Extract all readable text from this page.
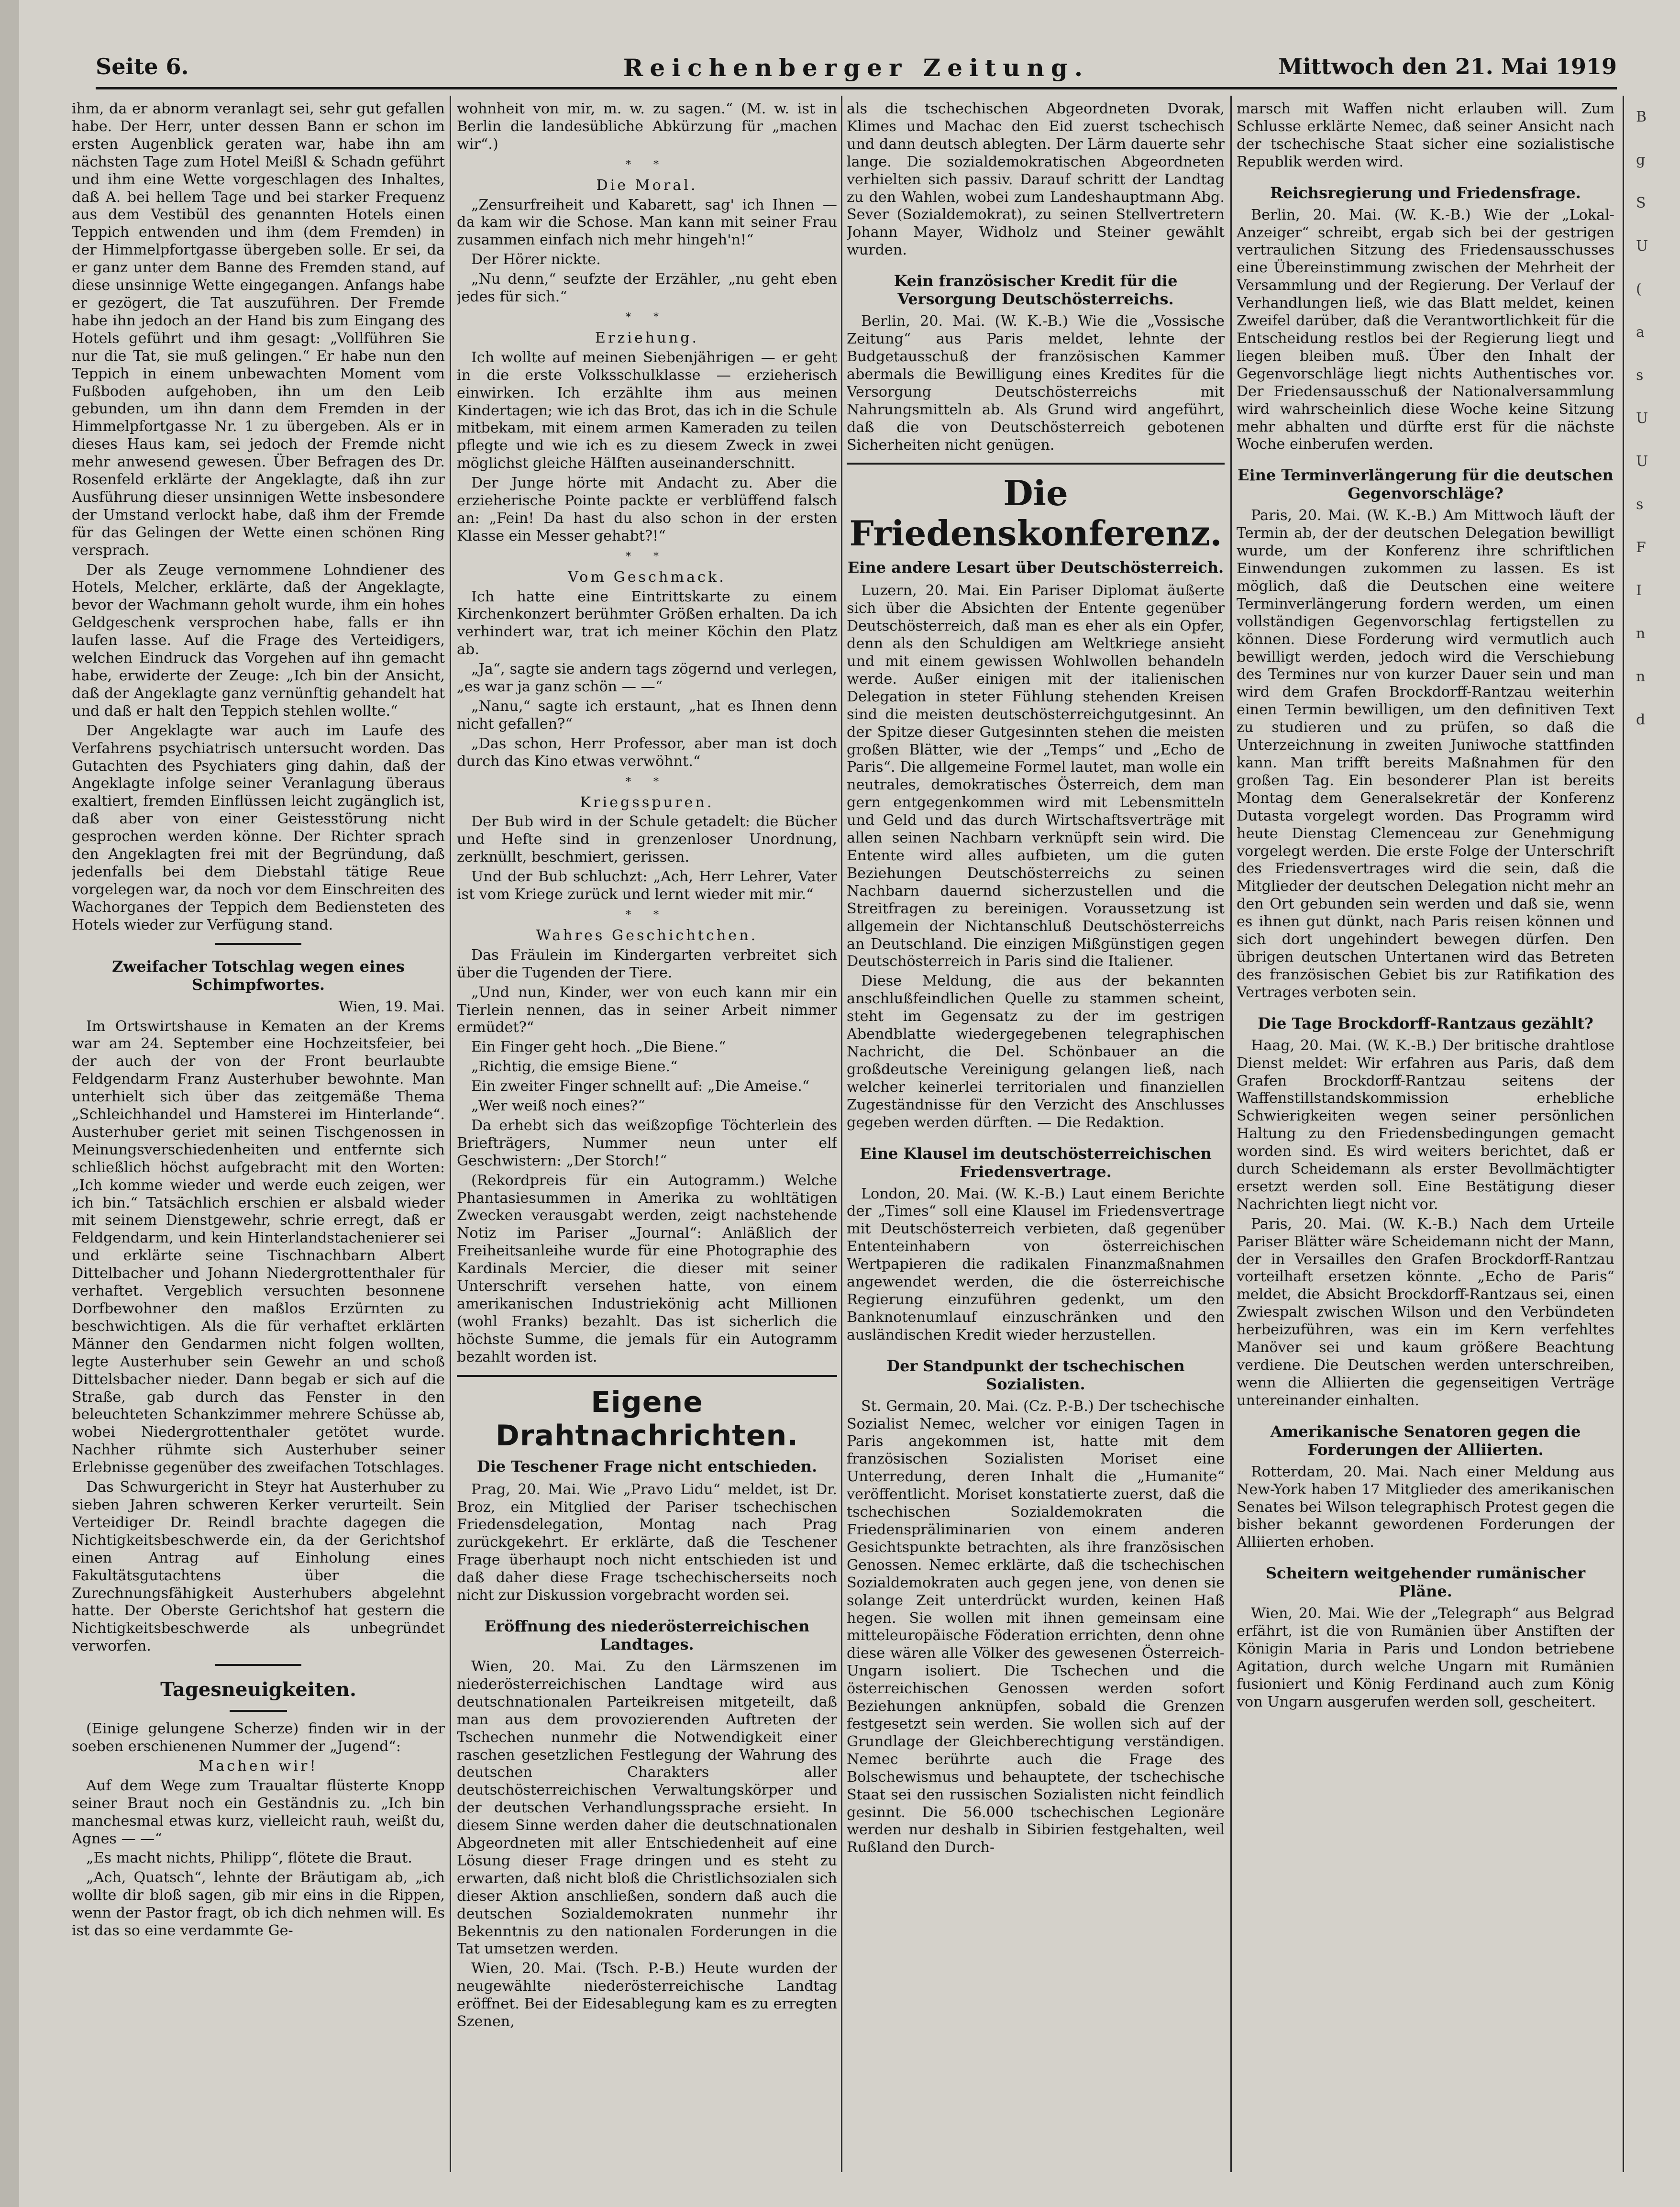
Seite 6.	Reichenberger Zeitung.	Mittwoch den 21. Mai 1919

ihm, da er abnorm veranlagt sei, sehr gut gefallen habe. Der Herr, unter dessen Bann er schon im ersten Augenblick geraten war, habe ihn am nächsten Tage zum Hotel Meißl & Schadn geführt und ihm eine Wette vorgeschlagen des Inhaltes, daß A. bei hellem Tage und bei starker Frequenz aus dem Vestibül des genannten Hotels einen Teppich entwenden und ihm (dem Fremden) in der Himmelpfortgasse übergeben solle. Er sei, da er ganz unter dem Banne des Fremden stand, auf diese unsinnige Wette eingegangen. Anfangs habe er gezögert, die Tat auszuführen. Der Fremde habe ihn jedoch an der Hand bis zum Eingang des Hotels geführt und ihm gesagt: „Vollführen Sie nur die Tat, sie muß gelingen.“ Er habe nun den Teppich in einem unbewachten Moment vom Fußboden aufgehoben, ihn um den Leib gebunden, um ihn dann dem Fremden in der Himmelpfortgasse Nr. 1 zu übergeben. Als er in dieses Haus kam, sei jedoch der Fremde nicht mehr anwesend gewesen. Über Befragen des Dr. Rosenfeld erklärte der Angeklagte, daß ihn zur Ausführung dieser unsinnigen Wette insbesondere der Umstand verlockt habe, daß ihm der Fremde für das Gelingen der Wette einen schönen Ring versprach.

Der als Zeuge vernommene Lohndiener des Hotels, Melcher, erklärte, daß der Angeklagte, bevor der Wachmann geholt wurde, ihm ein hohes Geldgeschenk versprochen habe, falls er ihn laufen lasse. Auf die Frage des Verteidigers, welchen Eindruck das Vorgehen auf ihn gemacht habe, erwiderte der Zeuge: „Ich bin der Ansicht, daß der Angeklagte ganz vernünftig gehandelt hat und daß er halt den Teppich stehlen wollte.“

Der Angeklagte war auch im Laufe des Verfahrens psychiatrisch untersucht worden. Das Gutachten des Psychiaters ging dahin, daß der Angeklagte infolge seiner Veranlagung überaus exaltiert, fremden Einflüssen leicht zugänglich ist, daß aber von einer Geistesstörung nicht gesprochen werden könne. Der Richter sprach den Angeklagten frei mit der Begründung, daß jedenfalls bei dem Diebstahl tätige Reue vorgelegen war, da noch vor dem Einschreiten des Wachorganes der Teppich dem Bediensteten des Hotels wieder zur Verfügung stand.

Zweifacher Totschlag wegen eines Schimpfwortes.

Wien, 19. Mai.

Im Ortswirtshause in Kematen an der Krems war am 24. September eine Hochzeitsfeier, bei der auch der von der Front beurlaubte Feldgendarm Franz Austerhuber bewohnte. Man unterhielt sich über das zeitgemäße Thema „Schleichhandel und Hamsterei im Hinterlande“. Austerhuber geriet mit seinen Tischgenossen in Meinungsverschiedenheiten und entfernte sich schließlich höchst aufgebracht mit den Worten: „Ich komme wieder und werde euch zeigen, wer ich bin.“ Tatsächlich erschien er alsbald wieder mit seinem Dienstgewehr, schrie erregt, daß er Feldgendarm, und kein Hinterlandstachenierer sei und erklärte seine Tischnachbarn Albert Dittelbacher und Johann Niedergrottenthaler für verhaftet. Vergeblich versuchten besonnene Dorfbewohner den maßlos Erzürnten zu beschwichtigen. Als die für verhaftet erklärten Männer den Gendarmen nicht folgen wollten, legte Austerhuber sein Gewehr an und schoß Dittelsbacher nieder. Dann begab er sich auf die Straße, gab durch das Fenster in den beleuchteten Schankzimmer mehrere Schüsse ab, wobei Niedergrottenthaler getötet wurde. Nachher rühmte sich Austerhuber seiner Erlebnisse gegenüber des zweifachen Totschlages.

Das Schwurgericht in Steyr hat Austerhuber zu sieben Jahren schweren Kerker verurteilt. Sein Verteidiger Dr. Reindl brachte dagegen die Nichtigkeitsbeschwerde ein, da der Gerichtshof einen Antrag auf Einholung eines Fakultätsgutachtens über die Zurechnungsfähigkeit Austerhubers abgelehnt hatte. Der Oberste Gerichtshof hat gestern die Nichtigkeitsbeschwerde als unbegründet verworfen.

Tagesneuigkeiten.

(Einige gelungene Scherze) finden wir in der soeben erschienenen Nummer der „Jugend“:

Machen wir!

Auf dem Wege zum Traualtar flüsterte Knopp seiner Braut noch ein Geständnis zu. „Ich bin manchesmal etwas kurz, vielleicht rauh, weißt du, Agnes — —“

„Es macht nichts, Philipp“, flötete die Braut.

„Ach, Quatsch“, lehnte der Bräutigam ab, „ich wollte dir bloß sagen, gib mir eins in die Rippen, wenn der Pastor fragt, ob ich dich nehmen will. Es ist das so eine verdammte Ge-

wohnheit von mir, m. w. zu sagen.“ (M. w. ist in Berlin die landesübliche Abkürzung für „machen wir“.)

* *

Die Moral.

„Zensurfreiheit und Kabarett, sag' ich Ihnen — da kam wir die Schose. Man kann mit seiner Frau zusammen einfach nich mehr hingeh'n!“

Der Hörer nickte.

„Nu denn,“ seufzte der Erzähler, „nu geht eben jedes für sich.“

* *

Erziehung.

Ich wollte auf meinen Siebenjährigen — er geht in die erste Volksschulklasse — erzieherisch einwirken. Ich erzählte ihm aus meinen Kindertagen; wie ich das Brot, das ich in die Schule mitbekam, mit einem armen Kameraden zu teilen pflegte und wie ich es zu diesem Zweck in zwei möglichst gleiche Hälften auseinanderschnitt.

Der Junge hörte mit Andacht zu. Aber die erzieherische Pointe packte er verblüffend falsch an: „Fein! Da hast du also schon in der ersten Klasse ein Messer gehabt?!“

* *

Vom Geschmack.

Ich hatte eine Eintrittskarte zu einem Kirchenkonzert berühmter Größen erhalten. Da ich verhindert war, trat ich meiner Köchin den Platz ab.

„Ja“, sagte sie andern tags zögernd und verlegen, „es war ja ganz schön — —“

„Nanu,“ sagte ich erstaunt, „hat es Ihnen denn nicht gefallen?“

„Das schon, Herr Professor, aber man ist doch durch das Kino etwas verwöhnt.“

* *

Kriegsspuren.

Der Bub wird in der Schule getadelt: die Bücher und Hefte sind in grenzenloser Unordnung, zerknüllt, beschmiert, gerissen.

Und der Bub schluchzt: „Ach, Herr Lehrer, Vater ist vom Kriege zurück und lernt wieder mit mir.“

* *

Wahres Geschichtchen.

Das Fräulein im Kindergarten verbreitet sich über die Tugenden der Tiere.

„Und nun, Kinder, wer von euch kann mir ein Tierlein nennen, das in seiner Arbeit nimmer ermüdet?“

Ein Finger geht hoch. „Die Biene.“

„Richtig, die emsige Biene.“

Ein zweiter Finger schnellt auf: „Die Ameise.“

„Wer weiß noch eines?“

Da erhebt sich das weißzopfige Töchterlein des Briefträgers, Nummer neun unter elf Geschwistern: „Der Storch!“

(Rekordpreis für ein Autogramm.) Welche Phantasiesummen in Amerika zu wohltätigen Zwecken verausgabt werden, zeigt nachstehende Notiz im Pariser „Journal“: Anläßlich der Freiheitsanleihe wurde für eine Photographie des Kardinals Mercier, die dieser mit seiner Unterschrift versehen hatte, von einem amerikanischen Industriekönig acht Millionen (wohl Franks) bezahlt. Das ist sicherlich die höchste Summe, die jemals für ein Autogramm bezahlt worden ist.

Eigene Drahtnachrichten.
Die Teschener Frage nicht entschieden.

Prag, 20. Mai. Wie „Pravo Lidu“ meldet, ist Dr. Broz, ein Mitglied der Pariser tschechischen Friedensdelegation, Montag nach Prag zurückgekehrt. Er erklärte, daß die Teschener Frage überhaupt noch nicht entschieden ist und daß daher diese Frage tschechischerseits noch nicht zur Diskussion vorgebracht worden sei.

Eröffnung des niederösterreichischen Landtages.

Wien, 20. Mai. Zu den Lärmszenen im niederösterreichischen Landtage wird aus deutschnationalen Parteikreisen mitgeteilt, daß man aus dem provozierenden Auftreten der Tschechen nunmehr die Notwendigkeit einer raschen gesetzlichen Festlegung der Wahrung des deutschen Charakters aller deutschösterreichischen Verwaltungskörper und der deutschen Verhandlungssprache ersieht. In diesem Sinne werden daher die deutschnationalen Abgeordneten mit aller Entschiedenheit auf eine Lösung dieser Frage dringen und es steht zu erwarten, daß nicht bloß die Christlichsozialen sich dieser Aktion anschließen, sondern daß auch die deutschen Sozialdemokraten nunmehr ihr Bekenntnis zu den nationalen Forderungen in die Tat umsetzen werden.

Wien, 20. Mai. (Tsch. P.-B.) Heute wurden der neugewählte niederösterreichische Landtag eröffnet. Bei der Eidesablegung kam es zu erregten Szenen,

als die tschechischen Abgeordneten Dvorak, Klimes und Machac den Eid zuerst tschechisch und dann deutsch ablegten. Der Lärm dauerte sehr lange. Die sozialdemokratischen Abgeordneten verhielten sich passiv. Darauf schritt der Landtag zu den Wahlen, wobei zum Landeshauptmann Abg. Sever (Sozialdemokrat), zu seinen Stellvertretern Johann Mayer, Widholz und Steiner gewählt wurden.

Kein französischer Kredit für die Versorgung Deutschösterreichs.

Berlin, 20. Mai. (W. K.-B.) Wie die „Vossische Zeitung“ aus Paris meldet, lehnte der Budgetausschuß der französischen Kammer abermals die Bewilligung eines Kredites für die Versorgung Deutschösterreichs mit Nahrungsmitteln ab. Als Grund wird angeführt, daß die von Deutschösterreich gebotenen Sicherheiten nicht genügen.

Die Friedenskonferenz.
Eine andere Lesart über Deutschösterreich.

Luzern, 20. Mai. Ein Pariser Diplomat äußerte sich über die Absichten der Entente gegenüber Deutschösterreich, daß man es eher als ein Opfer, denn als den Schuldigen am Weltkriege ansieht und mit einem gewissen Wohlwollen behandeln werde. Außer einigen mit der italienischen Delegation in steter Fühlung stehenden Kreisen sind die meisten deutschösterreichgutgesinnt. An der Spitze dieser Gutgesinnten stehen die meisten großen Blätter, wie der „Temps“ und „Echo de Paris“. Die allgemeine Formel lautet, man wolle ein neutrales, demokratisches Österreich, dem man gern entgegenkommen wird mit Lebensmitteln und Geld und das durch Wirtschaftsverträge mit allen seinen Nachbarn verknüpft sein wird. Die Entente wird alles aufbieten, um die guten Beziehungen Deutschösterreichs zu seinen Nachbarn dauernd sicherzustellen und die Streitfragen zu bereinigen. Voraussetzung ist allgemein der Nichtanschluß Deutschösterreichs an Deutschland. Die einzigen Mißgünstigen gegen Deutschösterreich in Paris sind die Italiener.

Diese Meldung, die aus der bekannten anschlußfeindlichen Quelle zu stammen scheint, steht im Gegensatz zu der im gestrigen Abendblatte wiedergegebenen telegraphischen Nachricht, die Del. Schönbauer an die großdeutsche Vereinigung gelangen ließ, nach welcher keinerlei territorialen und finanziellen Zugeständnisse für den Verzicht des Anschlusses gegeben werden dürften. — Die Redaktion.

Eine Klausel im deutschösterreichischen Friedensvertrage.

London, 20. Mai. (W. K.-B.) Laut einem Berichte der „Times“ soll eine Klausel im Friedensvertrage mit Deutschösterreich verbieten, daß gegenüber Ententeinhabern von österreichischen Wertpapieren die radikalen Finanzmaßnahmen angewendet werden, die die österreichische Regierung einzuführen gedenkt, um den Banknotenumlauf einzuschränken und den ausländischen Kredit wieder herzustellen.

Der Standpunkt der tschechischen Sozialisten.

St. Germain, 20. Mai. (Cz. P.-B.) Der tschechische Sozialist Nemec, welcher vor einigen Tagen in Paris angekommen ist, hatte mit dem französischen Sozialisten Moriset eine Unterredung, deren Inhalt die „Humanite“ veröffentlicht. Moriset konstatierte zuerst, daß die tschechischen Sozialdemokraten die Friedenspräliminarien von einem anderen Gesichtspunkte betrachten, als ihre französischen Genossen. Nemec erklärte, daß die tschechischen Sozialdemokraten auch gegen jene, von denen sie solange Zeit unterdrückt wurden, keinen Haß hegen. Sie wollen mit ihnen gemeinsam eine mitteleuropäische Föderation errichten, denn ohne diese wären alle Völker des gewesenen Österreich-Ungarn isoliert. Die Tschechen und die österreichischen Genossen werden sofort Beziehungen anknüpfen, sobald die Grenzen festgesetzt sein werden. Sie wollen sich auf der Grundlage der Gleichberechtigung verständigen. Nemec berührte auch die Frage des Bolschewismus und behauptete, der tschechische Staat sei den russischen Sozialisten nicht feindlich gesinnt. Die 56.000 tschechischen Legionäre werden nur deshalb in Sibirien festgehalten, weil Rußland den Durch-

marsch mit Waffen nicht erlauben will. Zum Schlusse erklärte Nemec, daß seiner Ansicht nach der tschechische Staat sicher eine sozialistische Republik werden wird.

Reichsregierung und Friedensfrage.

Berlin, 20. Mai. (W. K.-B.) Wie der „Lokal-Anzeiger“ schreibt, ergab sich bei der gestrigen vertraulichen Sitzung des Friedensausschusses eine Übereinstimmung zwischen der Mehrheit der Versammlung und der Regierung. Der Verlauf der Verhandlungen ließ, wie das Blatt meldet, keinen Zweifel darüber, daß die Verantwortlichkeit für die Entscheidung restlos bei der Regierung liegt und liegen bleiben muß. Über den Inhalt der Gegenvorschläge liegt nichts Authentisches vor. Der Friedensausschuß der Nationalversammlung wird wahrscheinlich diese Woche keine Sitzung mehr abhalten und dürfte erst für die nächste Woche einberufen werden.

Eine Terminverlängerung für die deutschen Gegenvorschläge?

Paris, 20. Mai. (W. K.-B.) Am Mittwoch läuft der Termin ab, der der deutschen Delegation bewilligt wurde, um der Konferenz ihre schriftlichen Einwendungen zukommen zu lassen. Es ist möglich, daß die Deutschen eine weitere Terminverlängerung fordern werden, um einen vollständigen Gegenvorschlag fertigstellen zu können. Diese Forderung wird vermutlich auch bewilligt werden, jedoch wird die Verschiebung des Termines nur von kurzer Dauer sein und man wird dem Grafen Brockdorff-Rantzau weiterhin einen Termin bewilligen, um den definitiven Text zu studieren und zu prüfen, so daß die Unterzeichnung in zweiten Juniwoche stattfinden kann. Man trifft bereits Maßnahmen für den großen Tag. Ein besonderer Plan ist bereits Montag dem Generalsekretär der Konferenz Dutasta vorgelegt worden. Das Programm wird heute Dienstag Clemenceau zur Genehmigung vorgelegt werden. Die erste Folge der Unterschrift des Friedensvertrages wird die sein, daß die Mitglieder der deutschen Delegation nicht mehr an den Ort gebunden sein werden und daß sie, wenn es ihnen gut dünkt, nach Paris reisen können und sich dort ungehindert bewegen dürfen. Den übrigen deutschen Untertanen wird das Betreten des französischen Gebiet bis zur Ratifikation des Vertrages verboten sein.

Die Tage Brockdorff-Rantzaus gezählt?

Haag, 20. Mai. (W. K.-B.) Der britische drahtlose Dienst meldet: Wir erfahren aus Paris, daß dem Grafen Brockdorff-Rantzau seitens der Waffenstillstandskommission erhebliche Schwierigkeiten wegen seiner persönlichen Haltung zu den Friedensbedingungen gemacht worden sind. Es wird weiters berichtet, daß er durch Scheidemann als erster Bevollmächtigter ersetzt werden soll. Eine Bestätigung dieser Nachrichten liegt nicht vor.

Paris, 20. Mai. (W. K.-B.) Nach dem Urteile Pariser Blätter wäre Scheidemann nicht der Mann, der in Versailles den Grafen Brockdorff-Rantzau vorteilhaft ersetzen könnte. „Echo de Paris“ meldet, die Absicht Brockdorff-Rantzaus sei, einen Zwiespalt zwischen Wilson und den Verbündeten herbeizuführen, was ein im Kern verfehltes Manöver sei und kaum größere Beachtung verdiene. Die Deutschen werden unterschreiben, wenn die Alliierten die gegenseitigen Verträge untereinander einhalten.

Amerikanische Senatoren gegen die Forderungen der Alliierten.

Rotterdam, 20. Mai. Nach einer Meldung aus New-York haben 17 Mitglieder des amerikanischen Senates bei Wilson telegraphisch Protest gegen die bisher bekannt gewordenen Forderungen der Alliierten erhoben.

Scheitern weitgehender rumänischer Pläne.

Wien, 20. Mai. Wie der „Telegraph“ aus Belgrad erfährt, ist die von Rumänien über Anstiften der Königin Maria in Paris und London betriebene Agitation, durch welche Ungarn mit Rumänien fusioniert und König Ferdinand auch zum König von Ungarn ausgerufen werden soll, gescheitert.

B
g
S
U
(
a
s
U
U
s
F
I
n
n
d
